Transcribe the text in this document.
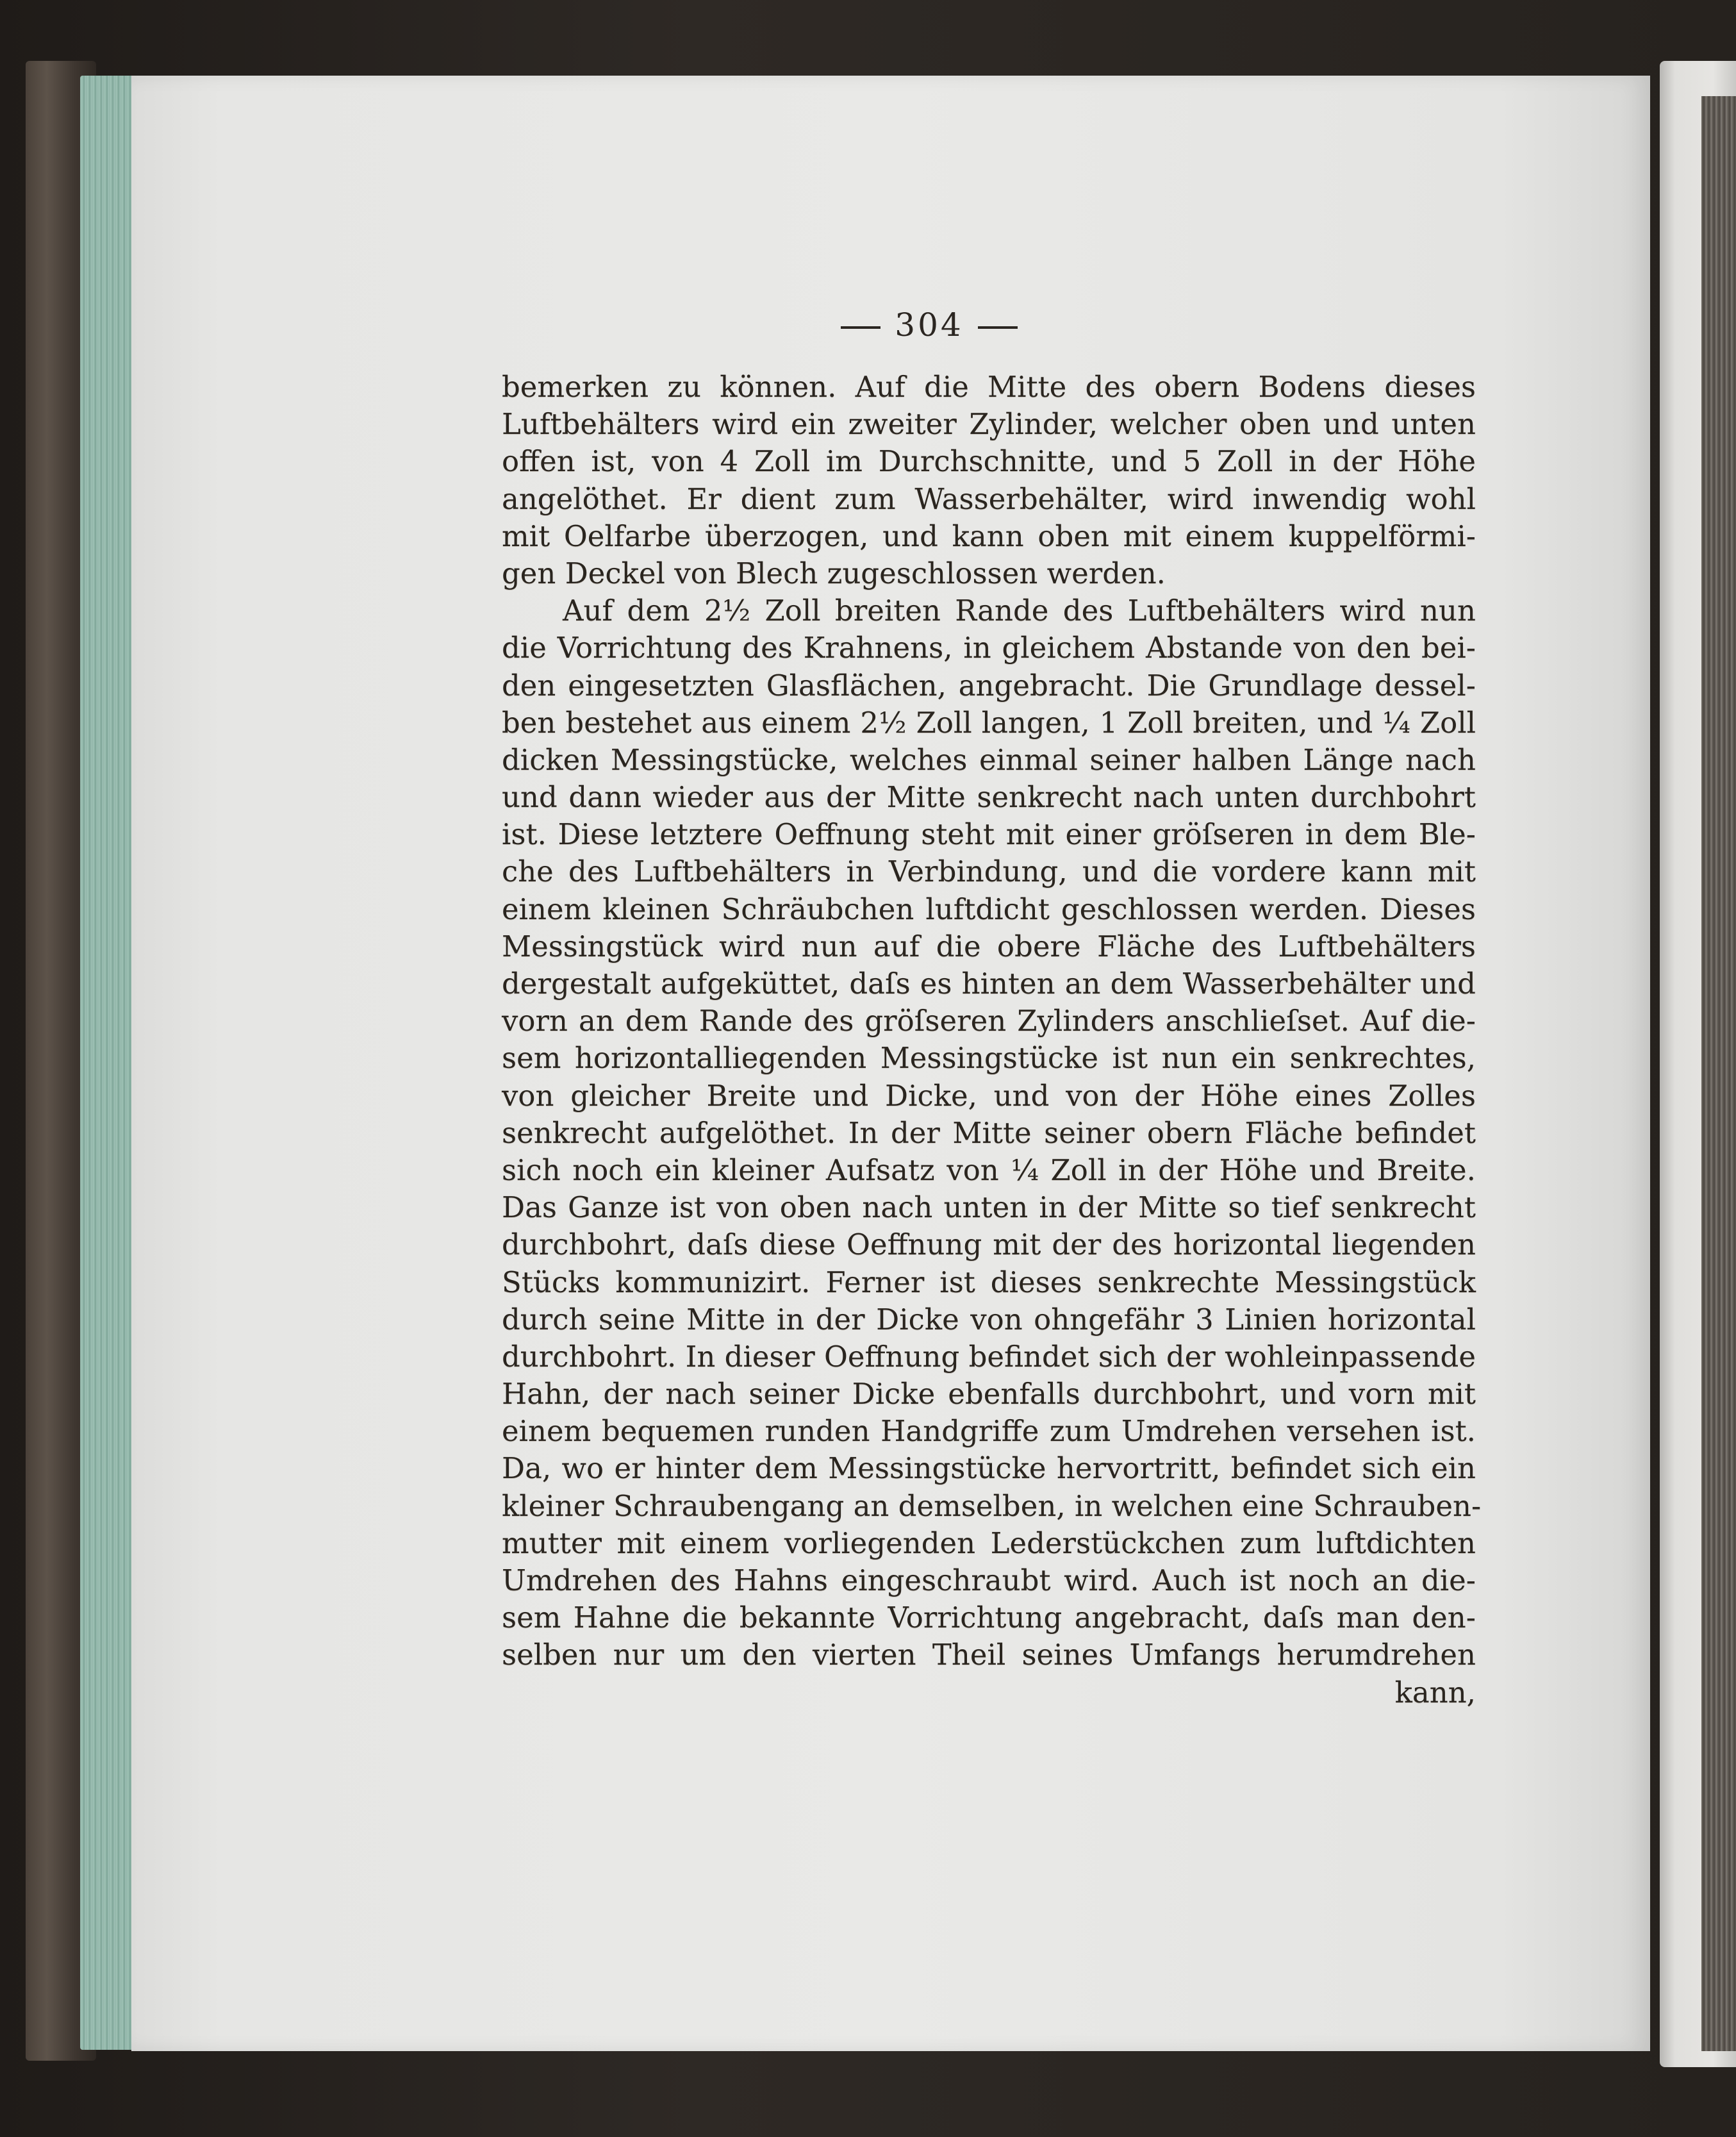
304
bemerken zu können. Auf die Mitte des obern Bodens dieses
Luftbehälters wird ein zweiter Zylinder, welcher oben und unten
offen ist, von 4 Zoll im Durchschnitte, und 5 Zoll in der Höhe
angelöthet. Er dient zum Wasserbehälter, wird inwendig wohl
mit Oelfarbe überzogen, und kann oben mit einem kuppelförmi-
gen Deckel von Blech zugeschlossen werden.
Auf dem 2½ Zoll breiten Rande des Luftbehälters wird nun
die Vorrichtung des Krahnens, in gleichem Abstande von den bei-
den eingesetzten Glasflächen, angebracht. Die Grundlage dessel-
ben bestehet aus einem 2½ Zoll langen, 1 Zoll breiten, und ¼ Zoll
dicken Messingstücke, welches einmal seiner halben Länge nach
und dann wieder aus der Mitte senkrecht nach unten durchbohrt
ist. Diese letztere Oeffnung steht mit einer gröſseren in dem Ble-
che des Luftbehälters in Verbindung, und die vordere kann mit
einem kleinen Schräubchen luftdicht geschlossen werden. Dieses
Messingstück wird nun auf die obere Fläche des Luftbehälters
dergestalt aufgeküttet, daſs es hinten an dem Wasserbehälter und
vorn an dem Rande des gröſseren Zylinders anschlieſset. Auf die-
sem horizontalliegenden Messingstücke ist nun ein senkrechtes,
von gleicher Breite und Dicke, und von der Höhe eines Zolles
senkrecht aufgelöthet. In der Mitte seiner obern Fläche befindet
sich noch ein kleiner Aufsatz von ¼ Zoll in der Höhe und Breite.
Das Ganze ist von oben nach unten in der Mitte so tief senkrecht
durchbohrt, daſs diese Oeffnung mit der des horizontal liegenden
Stücks kommunizirt. Ferner ist dieses senkrechte Messingstück
durch seine Mitte in der Dicke von ohngefähr 3 Linien horizontal
durchbohrt. In dieser Oeffnung befindet sich der wohleinpassende
Hahn, der nach seiner Dicke ebenfalls durchbohrt, und vorn mit
einem bequemen runden Handgriffe zum Umdrehen versehen ist.
Da, wo er hinter dem Messingstücke hervortritt, befindet sich ein
kleiner Schraubengang an demselben, in welchen eine Schrauben-
mutter mit einem vorliegenden Lederstückchen zum luftdichten
Umdrehen des Hahns eingeschraubt wird. Auch ist noch an die-
sem Hahne die bekannte Vorrichtung angebracht, daſs man den-
selben nur um den vierten Theil seines Umfangs herumdrehen
kann,
